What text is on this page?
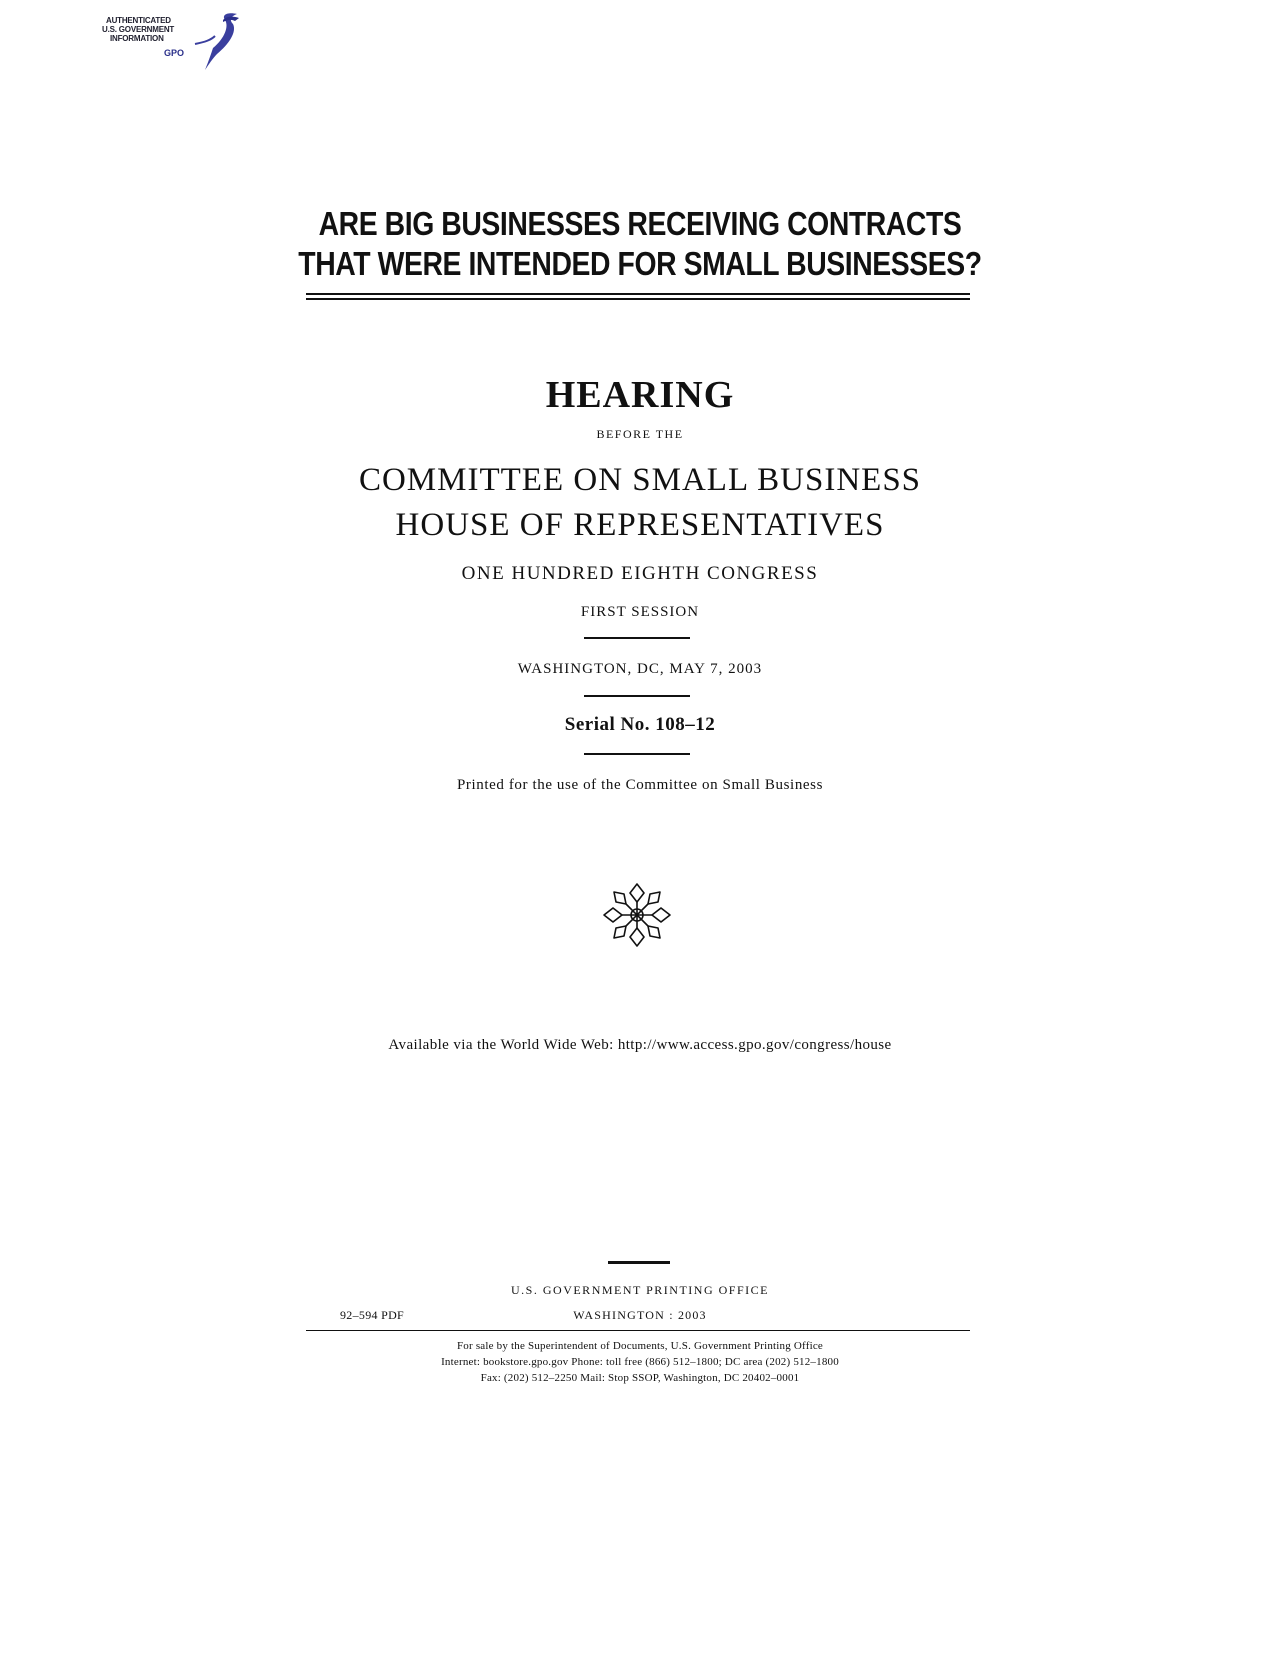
AUTHENTICATED
U.S. GOVERNMENT
INFORMATION
GPO
ARE BIG BUSINESSES RECEIVING CONTRACTS
THAT WERE INTENDED FOR SMALL BUSINESSES?
HEARING
BEFORE THE
COMMITTEE ON SMALL BUSINESS
HOUSE OF REPRESENTATIVES
ONE HUNDRED EIGHTH CONGRESS
FIRST SESSION
WASHINGTON, DC, MAY 7, 2003
Serial No. 108–12
Printed for the use of the Committee on Small Business
Available via the World Wide Web: http://www.access.gpo.gov/congress/house
U.S. GOVERNMENT PRINTING OFFICE
92–594 PDF	WASHINGTON : 2003
For sale by the Superintendent of Documents, U.S. Government Printing Office
Internet: bookstore.gpo.gov Phone: toll free (866) 512–1800; DC area (202) 512–1800
Fax: (202) 512–2250 Mail: Stop SSOP, Washington, DC 20402–0001
